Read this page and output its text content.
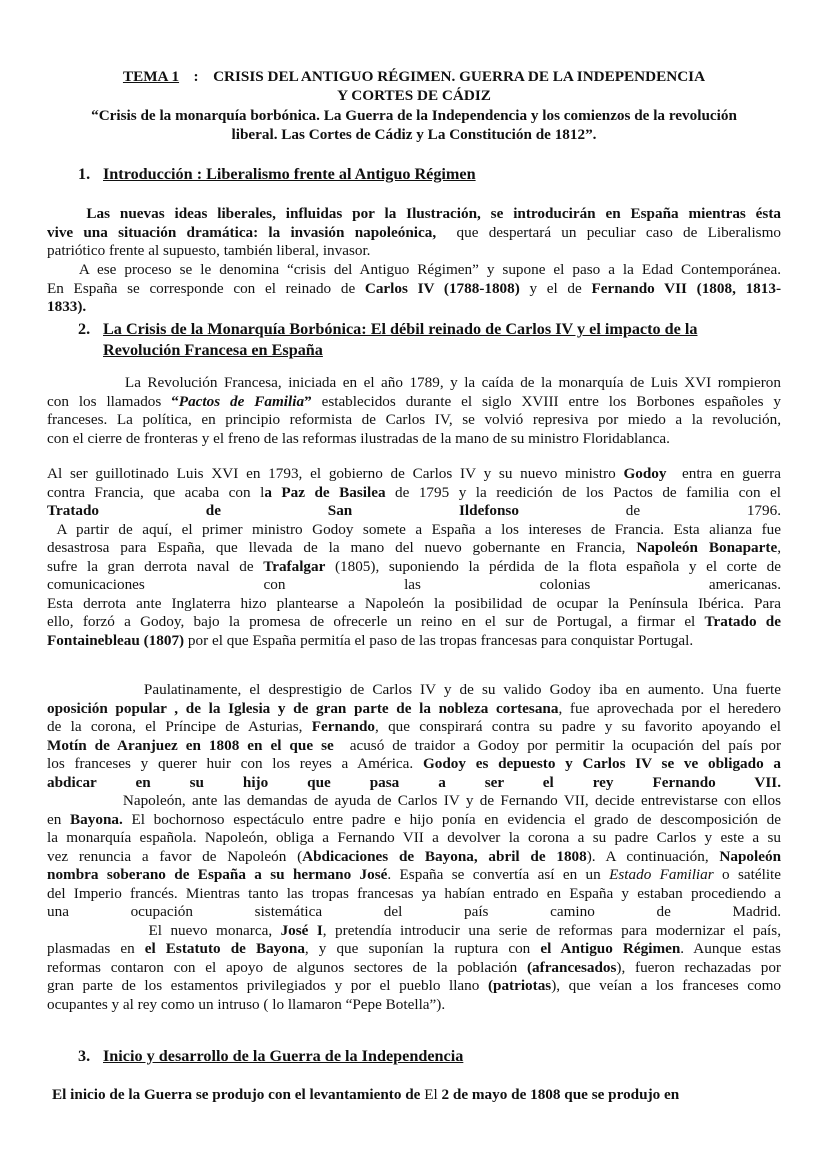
TEMA 1 : CRISIS DEL ANTIGUO RÉGIMEN. GUERRA DE LA INDEPENDENCIA
Y CORTES DE CÁDIZ
“Crisis de la monarquía borbónica. La Guerra de la Independencia y los comienzos de la revolución
liberal. Las Cortes de Cádiz y La Constitución de 1812”.
1. Introducción : Liberalismo frente al Antiguo Régimen
Las nuevas ideas liberales, influidas por la Ilustración, se introducirán en España mientras ésta
vive una situación dramática: la invasión napoleónica,  que despertará un peculiar caso de Liberalismo
patriótico frente al supuesto, también liberal, invasor.
A ese proceso se le denomina “crisis del Antiguo Régimen” y supone el paso a la Edad Contemporánea.
En España se corresponde con el reinado de Carlos IV (1788-1808) y el de Fernando VII (1808, 1813-
1833).
2. La Crisis de la Monarquía Borbónica: El débil reinado de Carlos IV y el impacto de la
Revolución Francesa en España
La Revolución Francesa, iniciada en el año 1789, y la caída de la monarquía de Luis XVI rompieron
con los llamados “Pactos de Familia” establecidos durante el siglo XVIII entre los Borbones españoles y
franceses. La política, en principio reformista de Carlos IV, se volvió represiva por miedo a la revolución,
con el cierre de fronteras y el freno de las reformas ilustradas de la mano de su ministro Floridablanca.
Al ser guillotinado Luis XVI en 1793, el gobierno de Carlos IV y su nuevo ministro Godoy  entra en guerra
contra Francia, que acaba con la Paz de Basilea de 1795 y la reedición de los Pactos de familia con el
Tratado de San Ildefonso de 1796.
A partir de aquí, el primer ministro Godoy somete a España a los intereses de Francia. Esta alianza fue
desastrosa para España, que llevada de la mano del nuevo gobernante en Francia, Napoleón Bonaparte,
sufre la gran derrota naval de Trafalgar (1805), suponiendo la pérdida de la flota española y el corte de
comunicaciones con las colonias americanas.
Esta derrota ante Inglaterra hizo plantearse a Napoleón la posibilidad de ocupar la Península Ibérica. Para
ello, forzó a Godoy, bajo la promesa de ofrecerle un reino en el sur de Portugal, a firmar el Tratado de
Fontainebleau (1807) por el que España permitía el paso de las tropas francesas para conquistar Portugal.
Paulatinamente, el desprestigio de Carlos IV y de su valido Godoy iba en aumento. Una fuerte
oposición popular , de la Iglesia y de gran parte de la nobleza cortesana, fue aprovechada por el heredero
de la corona, el Príncipe de Asturias, Fernando, que conspirará contra su padre y su favorito apoyando el
Motín de Aranjuez en 1808 en el que se  acusó de traidor a Godoy por permitir la ocupación del país por
los franceses y querer huir con los reyes a América. Godoy es depuesto y Carlos IV se ve obligado a
abdicar en su hijo que pasa a ser el rey Fernando VII.
Napoleón, ante las demandas de ayuda de Carlos IV y de Fernando VII, decide entrevistarse con ellos
en Bayona. El bochornoso espectáculo entre padre e hijo ponía en evidencia el grado de descomposición de
la monarquía española. Napoleón, obliga a Fernando VII a devolver la corona a su padre Carlos y este a su
vez renuncia a favor de Napoleón (Abdicaciones de Bayona, abril de 1808). A continuación, Napoleón
nombra soberano de España a su hermano José. España se convertía así en un Estado Familiar o satélite
del Imperio francés. Mientras tanto las tropas francesas ya habían entrado en España y estaban procediendo a
una ocupación sistemática del país camino de Madrid.
El nuevo monarca, José I, pretendía introducir una serie de reformas para modernizar el país,
plasmadas en el Estatuto de Bayona, y que suponían la ruptura con el Antiguo Régimen. Aunque estas
reformas contaron con el apoyo de algunos sectores de la población (afrancesados), fueron rechazadas por
gran parte de los estamentos privilegiados y por el pueblo llano (patriotas), que veían a los franceses como
ocupantes y al rey como un intruso ( lo llamaron “Pepe Botella”).
3. Inicio y desarrollo de la Guerra de la Independencia
El inicio de la Guerra se produjo con el levantamiento de El 2 de mayo de 1808 que se produjo en
